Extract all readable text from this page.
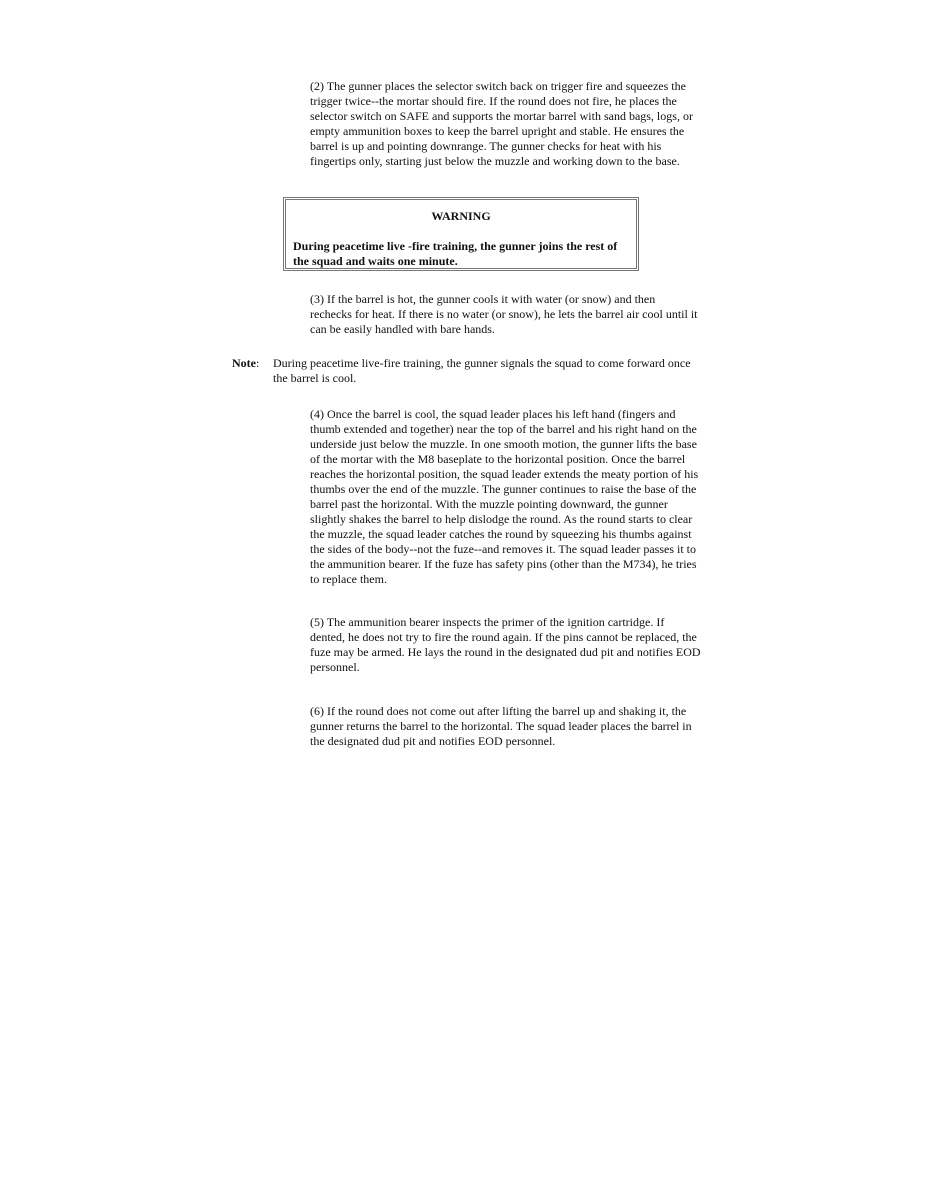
(2) The gunner places the selector switch back on trigger fire and squeezes the trigger twice--the mortar should fire. If the round does not fire, he places the selector switch on SAFE and supports the mortar barrel with sand bags, logs, or empty ammunition boxes to keep the barrel upright and stable. He ensures the barrel is up and pointing downrange. The gunner checks for heat with his fingertips only, starting just below the muzzle and working down to the base.

WARNING

During peacetime live -fire training, the gunner joins the rest of the squad and waits one minute.

(3) If the barrel is hot, the gunner cools it with water (or snow) and then rechecks for heat. If there is no water (or snow), he lets the barrel air cool until it can be easily handled with bare hands.

Note: During peacetime live-fire training, the gunner signals the squad to come forward once the barrel is cool.

(4) Once the barrel is cool, the squad leader places his left hand (fingers and thumb extended and together) near the top of the barrel and his right hand on the underside just below the muzzle. In one smooth motion, the gunner lifts the base of the mortar with the M8 baseplate to the horizontal position. Once the barrel reaches the horizontal position, the squad leader extends the meaty portion of his thumbs over the end of the muzzle. The gunner continues to raise the base of the barrel past the horizontal. With the muzzle pointing downward, the gunner slightly shakes the barrel to help dislodge the round. As the round starts to clear the muzzle, the squad leader catches the round by squeezing his thumbs against the sides of the body--not the fuze--and removes it. The squad leader passes it to the ammunition bearer. If the fuze has safety pins (other than the M734), he tries to replace them.

(5) The ammunition bearer inspects the primer of the ignition cartridge. If dented, he does not try to fire the round again. If the pins cannot be replaced, the fuze may be armed. He lays the round in the designated dud pit and notifies EOD personnel.

(6) If the round does not come out after lifting the barrel up and shaking it, the gunner returns the barrel to the horizontal. The squad leader places the barrel in the designated dud pit and notifies EOD personnel.
